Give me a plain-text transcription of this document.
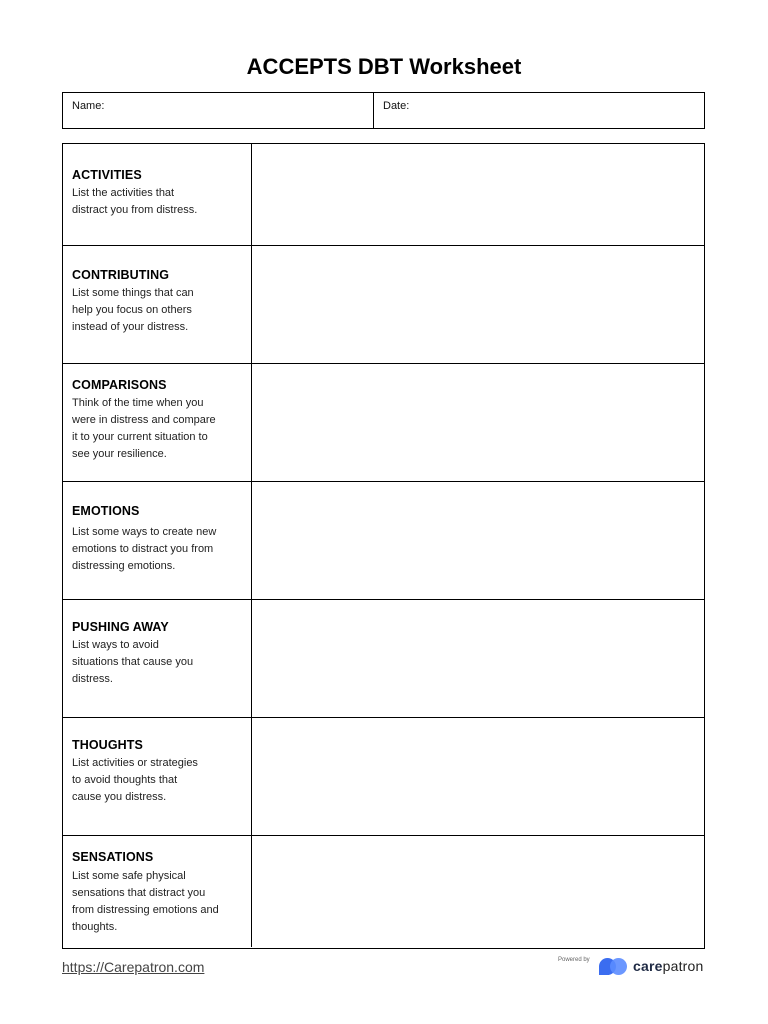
ACCEPTS DBT Worksheet
Name:	Date:
ACTIVITIES
List the activities that
distract you from distress.
CONTRIBUTING
List some things that can
help you focus on others
instead of your distress.
COMPARISONS
Think of the time when you
were in distress and compare
it to your current situation to
see your resilience.
EMOTIONS
List some ways to create new
emotions to distract you from
distressing emotions.
PUSHING AWAY
List ways to avoid
situations that cause you
distress.
THOUGHTS
List activities or strategies
to avoid thoughts that
cause you distress.
SENSATIONS
List some safe physical
sensations that distract you
from distressing emotions and
thoughts.
https://Carepatron.com	Powered by	carepatron
